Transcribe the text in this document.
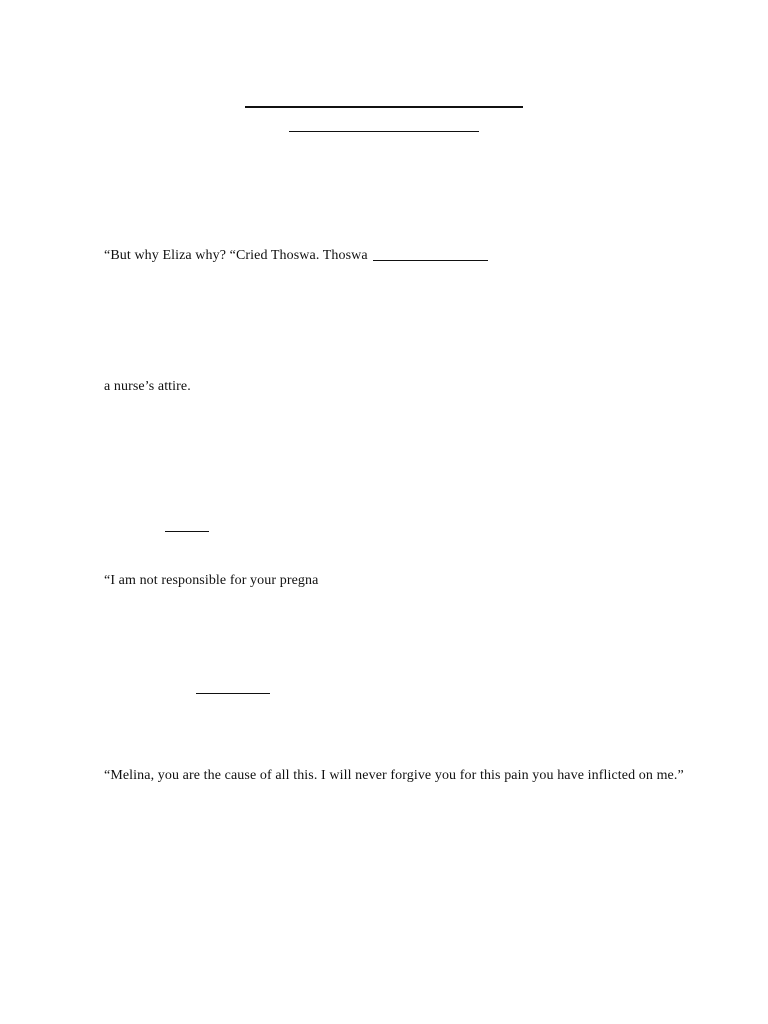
“But why Eliza why? “Cried Thoswa. Thoswa
a nurse’s attire.
“I am not responsible for your pregna
“Melina, you are the cause of all this. I will never forgive you for this pain you have inflicted on me.”
